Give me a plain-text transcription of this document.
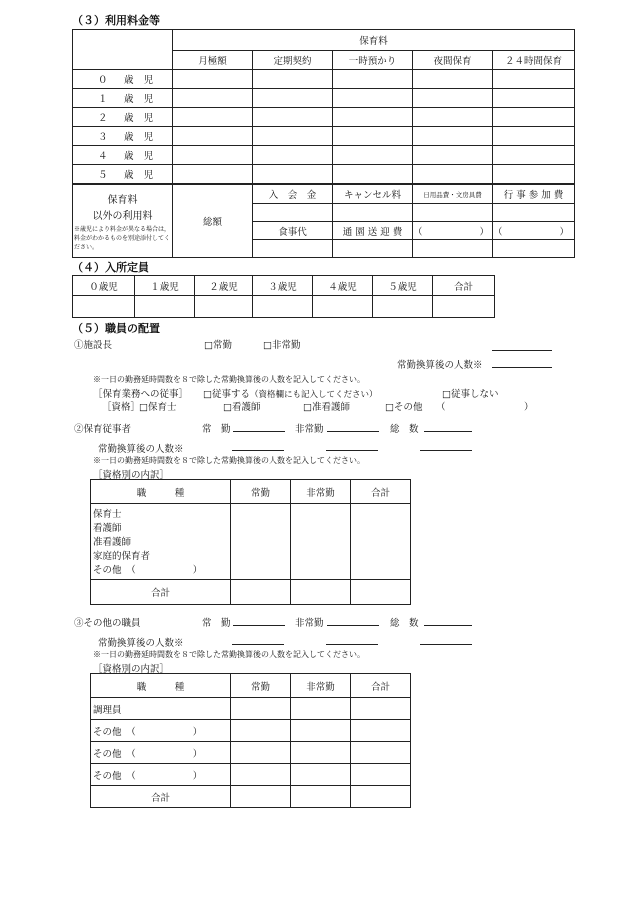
（３）利用料金等
	保育料				
	月極額	定期契約	一時預かり	夜間保育	２４時間保育
０ 歳 児					
１ 歳 児					
２ 歳 児					
３ 歳 児					
４ 歳 児					
５ 歳 児					
保育料
以外の利用料
※歳児により料金が異なる場合は，料金がわかるものを別途添付してください。	総額	入　会　金	キャンセル料	日用品費・文房具費	行 事 参 加 費

		食事代	通 園 送 迎 費	（　　　　　　）	（　　　　　　）

（４）入所定員
０歳児	１歳児	２歳児	３歳児	４歳児	５歳児	合計	

（５）職員の配置
①施設長	□常勤	□非常勤
常勤換算後の人数※
※一日の勤務延時間数を８で除した常勤換算後の人数を記入してください。
［保育業務への従事］ □従事する（資格欄にも記入してください）	□従事しない
［資格］
□保育士	□看護師	□准看護師	□その他 （	）
②保育従事者	常　勤	非常勤	総　数
常勤換算後の人数※
※一日の勤務延時間数を８で除した常勤換算後の人数を記入してください。
［資格別の内訳］
職　　　種	常勤	非常勤	合計

保育士
看護師
准看護師
家庭的保育者
その他　（　　　　　　）			

合計			
③その他の職員	常　勤	非常勤	総　数
常勤換算後の人数※
※一日の勤務延時間数を８で除した常勤換算後の人数を記入してください。
［資格別の内訳］
職　　　種	常勤	非常勤	合計
調理員			
その他　（　　　　　　）			
その他　（　　　　　　）			
その他　（　　　　　　）			
合計			
